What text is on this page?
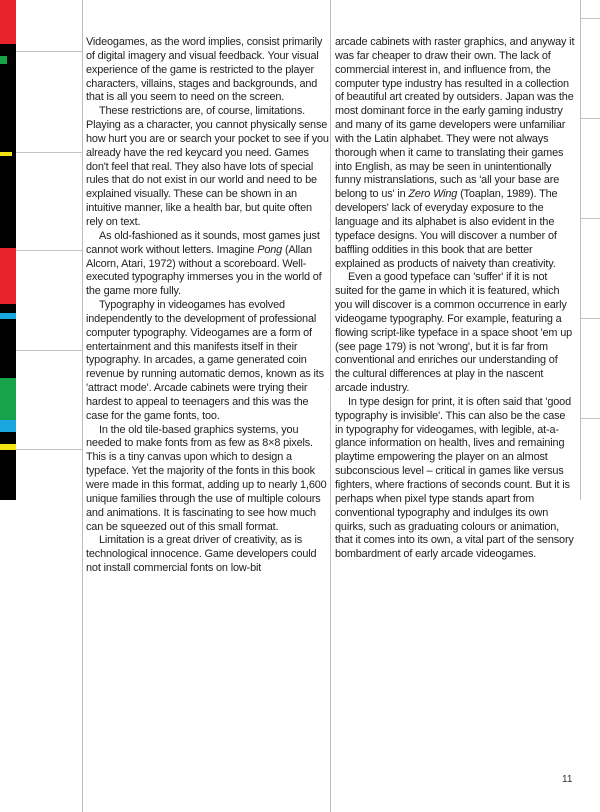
Videogames, as the word implies, consist primarily of digital imagery and visual feedback. Your visual experience of the game is restricted to the player characters, villains, stages and backgrounds, and that is all you seem to need on the screen.

These restrictions are, of course, limitations. Playing as a character, you cannot physically sense how hurt you are or search your pocket to see if you already have the red keycard you need. Games don't feel that real. They also have lots of special rules that do not exist in our world and need to be explained visually. These can be shown in an intuitive manner, like a health bar, but quite often rely on text.

As old-fashioned as it sounds, most games just cannot work without letters. Imagine Pong (Allan Alcorn, Atari, 1972) without a scoreboard. Well-executed typography immerses you in the world of the game more fully.

Typography in videogames has evolved independently to the development of professional computer typography. Videogames are a form of entertainment and this manifests itself in their typography. In arcades, a game generated coin revenue by running automatic demos, known as its 'attract mode'. Arcade cabinets were trying their hardest to appeal to teenagers and this was the case for the game fonts, too.

In the old tile-based graphics systems, you needed to make fonts from as few as 8×8 pixels. This is a tiny canvas upon which to design a typeface. Yet the majority of the fonts in this book were made in this format, adding up to nearly 1,600 unique families through the use of multiple colours and animations. It is fascinating to see how much can be squeezed out of this small format.

Limitation is a great driver of creativity, as is technological innocence. Game developers could not install commercial fonts on low-bit

arcade cabinets with raster graphics, and anyway it was far cheaper to draw their own. The lack of commercial interest in, and influence from, the computer type industry has resulted in a collection of beautiful art created by outsiders. Japan was the most dominant force in the early gaming industry and many of its game developers were unfamiliar with the Latin alphabet. They were not always thorough when it came to translating their games into English, as may be seen in unintentionally funny mistranslations, such as 'all your base are belong to us' in Zero Wing (Toaplan, 1989). The developers' lack of everyday exposure to the language and its alphabet is also evident in the typeface designs. You will discover a number of baffling oddities in this book that are better explained as products of naivety than creativity.

Even a good typeface can 'suffer' if it is not suited for the game in which it is featured, which you will discover is a common occurrence in early videogame typography. For example, featuring a flowing script-like typeface in a space shoot 'em up (see page 179) is not 'wrong', but it is far from conventional and enriches our understanding of the cultural differences at play in the nascent arcade industry.

In type design for print, it is often said that 'good typography is invisible'. This can also be the case in typography for videogames, with legible, at-a-glance information on health, lives and remaining playtime empowering the player on an almost subconscious level – critical in games like versus fighters, where fractions of seconds count. But it is perhaps when pixel type stands apart from conventional typography and indulges its own quirks, such as graduating colours or animation, that it comes into its own, a vital part of the sensory bombardment of early arcade videogames.

11
